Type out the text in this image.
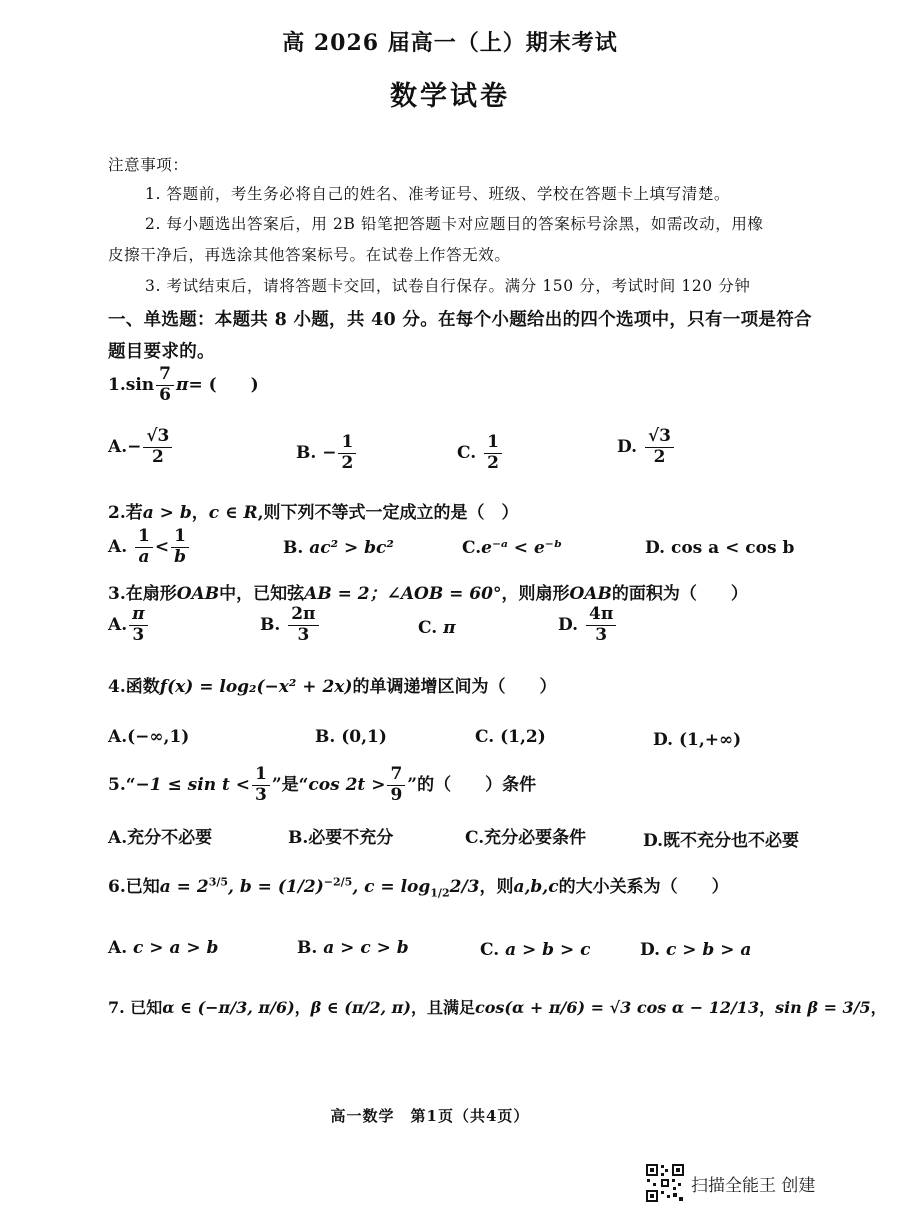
高 2026 届高一（上）期末考试
数学试卷
注意事项：
1. 答题前，考生务必将自己的姓名、准考证号、班级、学校在答题卡上填写清楚。
2. 每小题选出答案后，用 2B 铅笔把答题卡对应题目的答案标号涂黑，如需改动，用橡
皮擦干净后，再选涂其他答案标号。在试卷上作答无效。
3. 考试结束后，请将答题卡交回，试卷自行保存。满分 150 分，考试时间 120 分钟
一、单选题：本题共 8 小题，共 40 分。在每个小题给出的四个选项中，只有一项是符合
题目要求的。
$1.\sin \frac{7}{6} \pi=$ (　　)
$A.- \frac{√3}{2}$	B. − $\frac{1}{2}$	C. $\frac{1}{2}$	D. $\frac{√3}{2}$
2.若a > b，c ∈ R,则下列不等式一定成立的是（　）
A. $\frac{1}{a} < \frac{1}{b}$	B. ac² > bc²	C.e⁻ᵃ < e⁻ᵇ	D. cos a < cos b
3.在扇形OAB中，已知弦AB = 2；∠AOB = 60°，则扇形OAB的面积为（　　）
A. $\frac{\pi}{3}$	B. $\frac{2\pi}{3}$	C. π	D. $\frac{4\pi}{3}$
4.函数f(x) = log₂(−x² + 2x)的单调递增区间为（　　）
A.(−∞,1)	B. (0,1)	C. (1,2)	D. (1,+∞)
5.“−1 ≤ $\sin t < \frac{1}{3}$ ”是“cos $2t > \frac{7}{9}$ ”的（　　）条件
A.充分不必要	B.必要不充分	C.充分必要条件	D.既不充分也不必要
6.已知$a = 2^{3/5}$, $b = (1/2)^{-2/5}$, $c = \log_{1/2}2/3$，则a,b,c的大小关系为（　　）
A. c > a > b	B. a > c > b	C. a > b > c	D. c > b > a
7. 已知α ∈ (−π/3, π/6)，β ∈ (π/2, π)，且满足cos(α + π/6) = √3 cos α − 12/13，sin β = 3/5，
高一数学　第1页（共4页）
扫描全能王 创建
